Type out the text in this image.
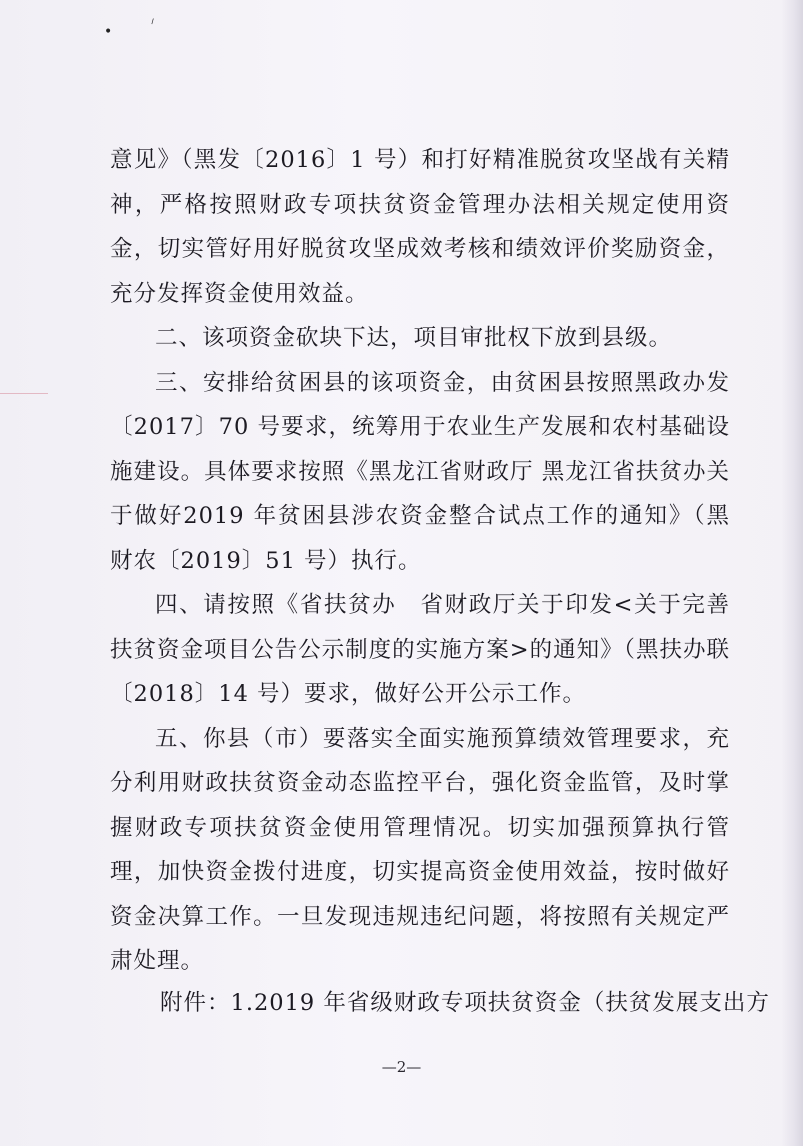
•
⸝

意见》（黑发〔2016〕1 号）和打好精准脱贫攻坚战有关精神，严格按照财政专项扶贫资金管理办法相关规定使用资金，切实管好用好脱贫攻坚成效考核和绩效评价奖励资金，充分发挥资金使用效益。

二、该项资金砍块下达，项目审批权下放到县级。

三、安排给贫困县的该项资金，由贫困县按照黑政办发〔2017〕70 号要求，统筹用于农业生产发展和农村基础设施建设。具体要求按照《黑龙江省财政厅 黑龙江省扶贫办关于做好2019 年贫困县涉农资金整合试点工作的通知》（黑财农〔2019〕51 号）执行。

四、请按照《省扶贫办　省财政厅关于印发<关于完善扶贫资金项目公告公示制度的实施方案>的通知》（黑扶办联〔2018〕14 号）要求，做好公开公示工作。

五、你县（市）要落实全面实施预算绩效管理要求，充分利用财政扶贫资金动态监控平台，强化资金监管，及时掌握财政专项扶贫资金使用管理情况。切实加强预算执行管理，加快资金拨付进度，切实提高资金使用效益，按时做好资金决算工作。一旦发现违规违纪问题，将按照有关规定严肃处理。

附件：1.2019 年省级财政专项扶贫资金（扶贫发展支出方
—2—
